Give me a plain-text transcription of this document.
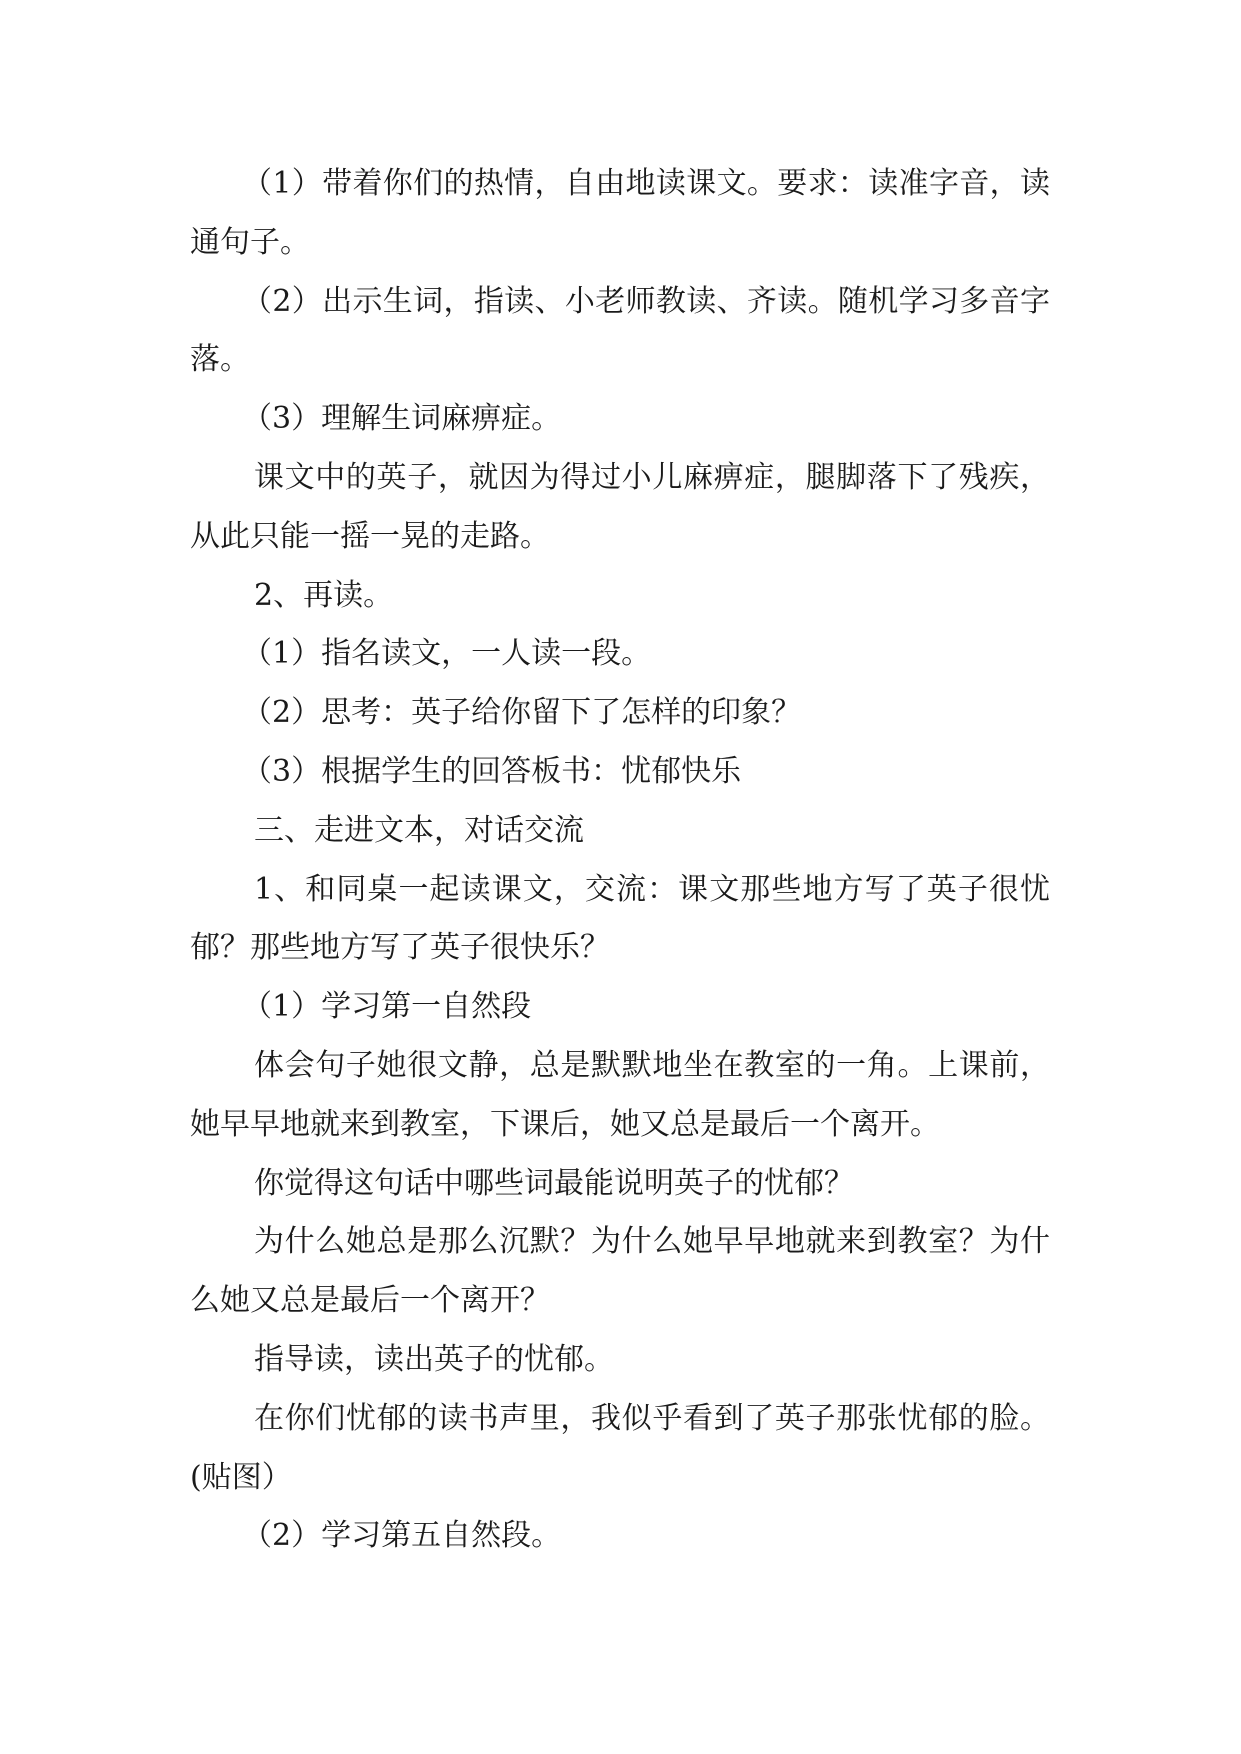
（1）带着你们的热情，自由地读课文。要求：读准字音，读通句子。

（2）出示生词，指读、小老师教读、齐读。随机学习多音字落。

（3）理解生词麻痹症。

课文中的英子，就因为得过小儿麻痹症，腿脚落下了残疾，从此只能一摇一晃的走路。

2、再读。

（1）指名读文，一人读一段。

（2）思考：英子给你留下了怎样的印象？

（3）根据学生的回答板书：忧郁快乐

三、走进文本，对话交流

1、和同桌一起读课文，交流：课文那些地方写了英子很忧郁？那些地方写了英子很快乐？

（1）学习第一自然段

体会句子她很文静，总是默默地坐在教室的一角。上课前，她早早地就来到教室，下课后，她又总是最后一个离开。

你觉得这句话中哪些词最能说明英子的忧郁？

为什么她总是那么沉默？为什么她早早地就来到教室？为什么她又总是最后一个离开？

指导读，读出英子的忧郁。

在你们忧郁的读书声里，我似乎看到了英子那张忧郁的脸。(贴图）

（2）学习第五自然段。
